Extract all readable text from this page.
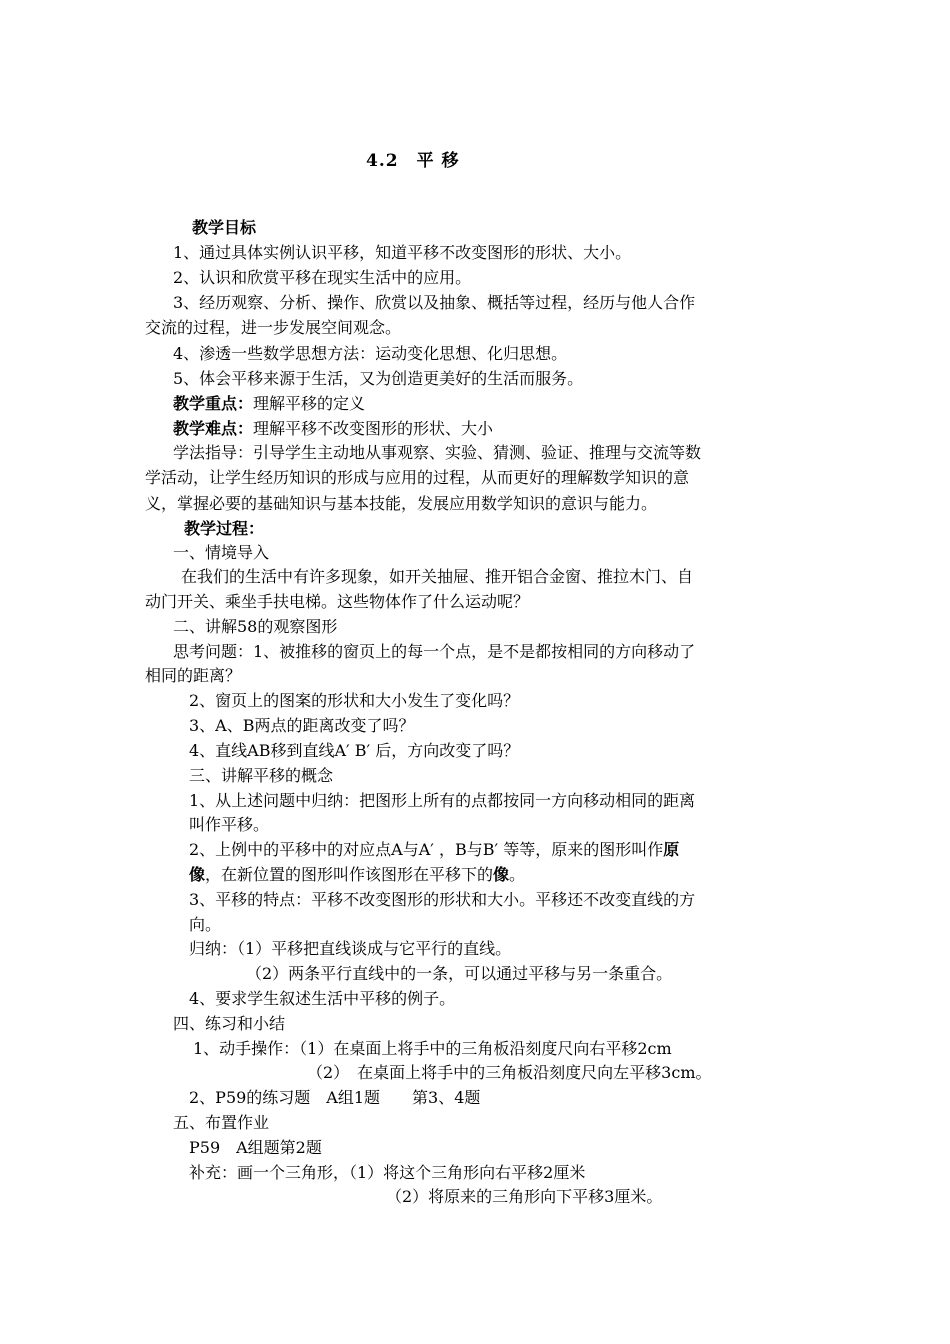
4.2　平 移
教学目标
1、通过具体实例认识平移，知道平移不改变图形的形状、大小。
2、认识和欣赏平移在现实生活中的应用。
3、经历观察、分析、操作、欣赏以及抽象、概括等过程，经历与他人合作
交流的过程，进一步发展空间观念。
4、渗透一些数学思想方法：运动变化思想、化归思想。
5、体会平移来源于生活，又为创造更美好的生活而服务。
教学重点：理解平移的定义
教学难点：理解平移不改变图形的形状、大小
学法指导：引导学生主动地从事观察、实验、猜测、验证、推理与交流等数
学活动，让学生经历知识的形成与应用的过程，从而更好的理解数学知识的意
义，掌握必要的基础知识与基本技能，发展应用数学知识的意识与能力。
教学过程：
一、情境导入
在我们的生活中有许多现象，如开关抽屉、推开铝合金窗、推拉木门、自
动门开关、乘坐手扶电梯。这些物体作了什么运动呢？
二、讲解58的观察图形
思考问题：1、被推移的窗页上的每一个点，是不是都按相同的方向移动了
相同的距离？
2、窗页上的图案的形状和大小发生了变化吗？
3、A、B两点的距离改变了吗？
4、直线AB移到直线A′ B′ 后，方向改变了吗？
三、讲解平移的概念
1、从上述问题中归纳：把图形上所有的点都按同一方向移动相同的距离
叫作平移。
2、上例中的平移中的对应点A与A′ ，B与B′ 等等，原来的图形叫作原
像，在新位置的图形叫作该图形在平移下的像。
3、平移的特点：平移不改变图形的形状和大小。平移还不改变直线的方
向。
归纳：（1）平移把直线谈成与它平行的直线。
（2）两条平行直线中的一条，可以通过平移与另一条重合。
4、要求学生叙述生活中平移的例子。
四、练习和小结
1、动手操作：（1）在桌面上将手中的三角板沿刻度尺向右平移2cm
（2）　在桌面上将手中的三角板沿刻度尺向左平移3cm。
2、P59的练习题　A组1题　　第3、4题
五、布置作业
P59　A组题第2题
补充：画一个三角形，（1）将这个三角形向右平移2厘米
（2）将原来的三角形向下平移3厘米。
